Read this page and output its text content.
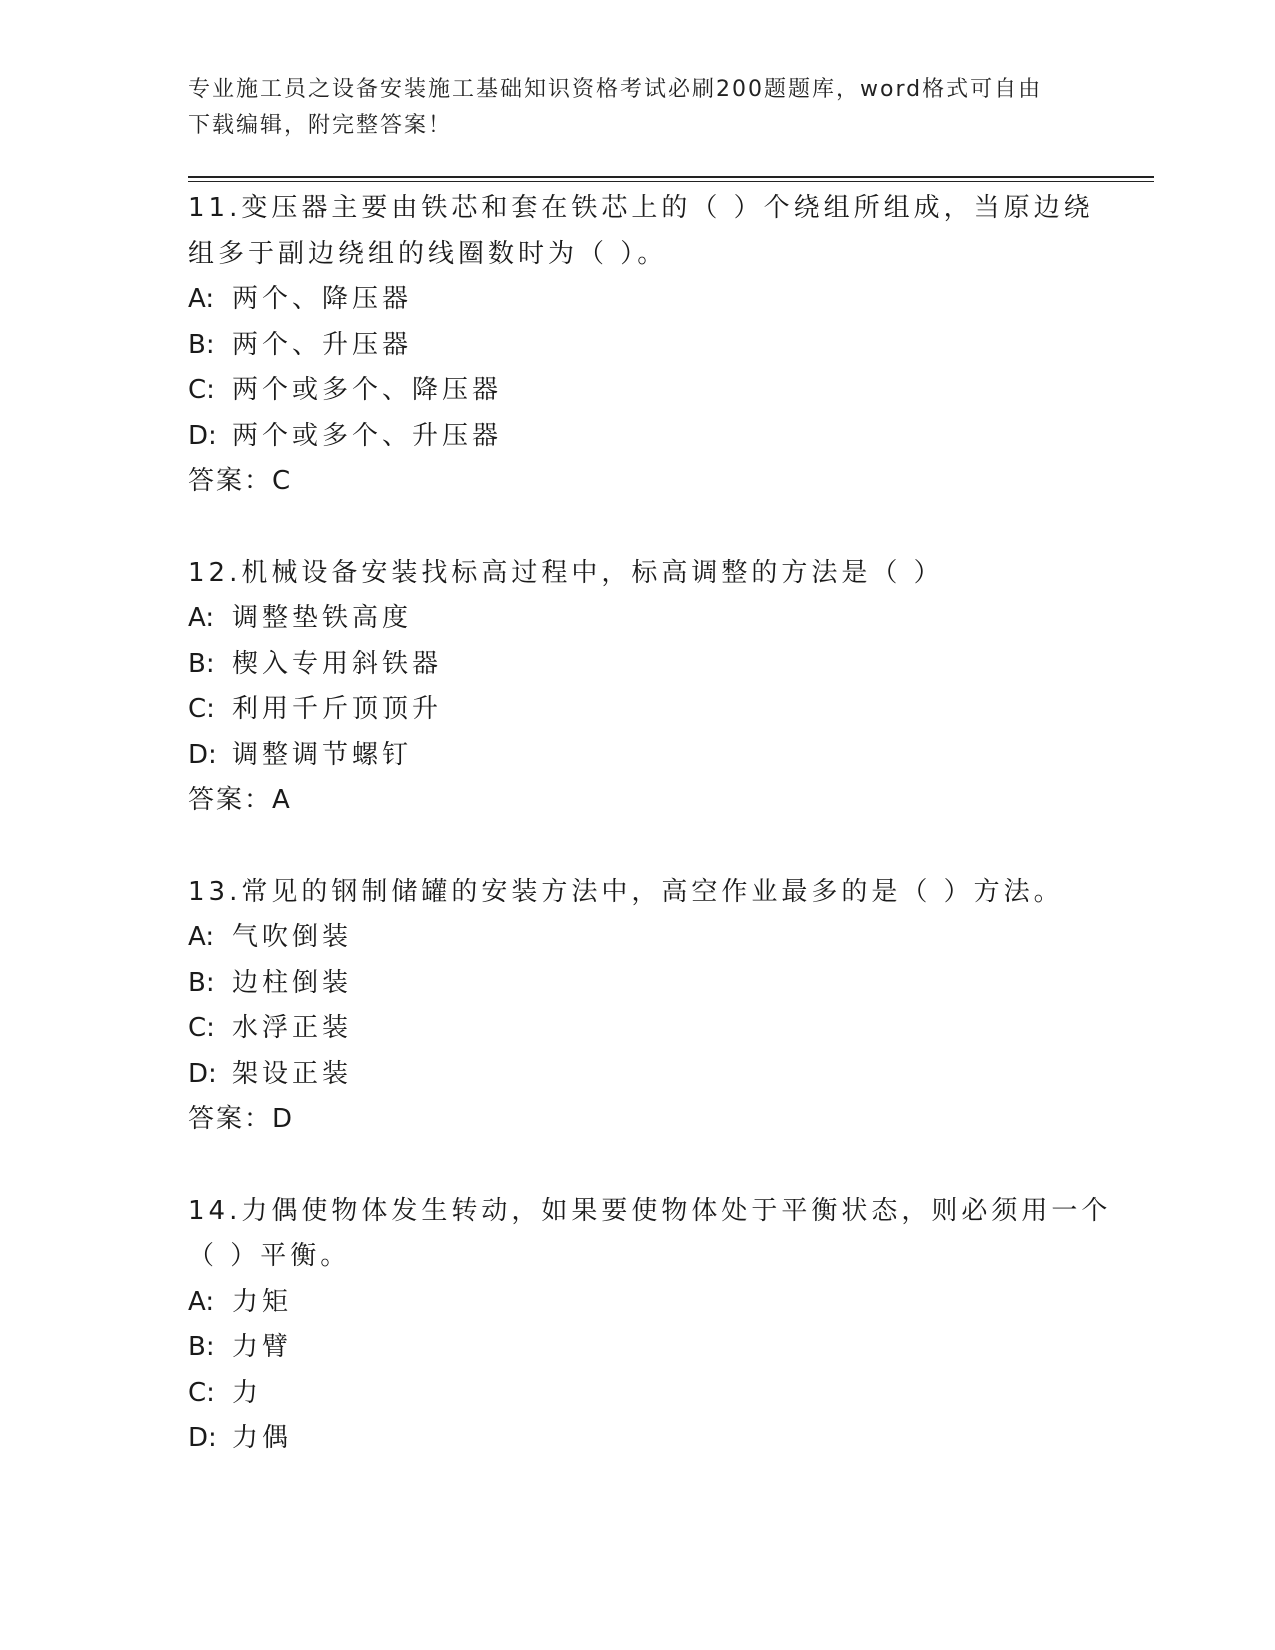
专业施工员之设备安装施工基础知识资格考试必刷200题题库，word格式可自由
下载编辑，附完整答案！
11.变压器主要由铁芯和套在铁芯上的（ ）个绕组所组成，当原边绕
组多于副边绕组的线圈数时为（ ）。
A: 两个、降压器
B: 两个、升压器
C: 两个或多个、降压器
D: 两个或多个、升压器
答案：C
12.机械设备安装找标高过程中，标高调整的方法是（ ）
A: 调整垫铁高度
B: 楔入专用斜铁器
C: 利用千斤顶顶升
D: 调整调节螺钉
答案：A
13.常见的钢制储罐的安装方法中，高空作业最多的是（ ）方法。
A: 气吹倒装
B: 边柱倒装
C: 水浮正装
D: 架设正装
答案：D
14.力偶使物体发生转动，如果要使物体处于平衡状态，则必须用一个
（ ）平衡。
A: 力矩
B: 力臂
C: 力
D: 力偶
